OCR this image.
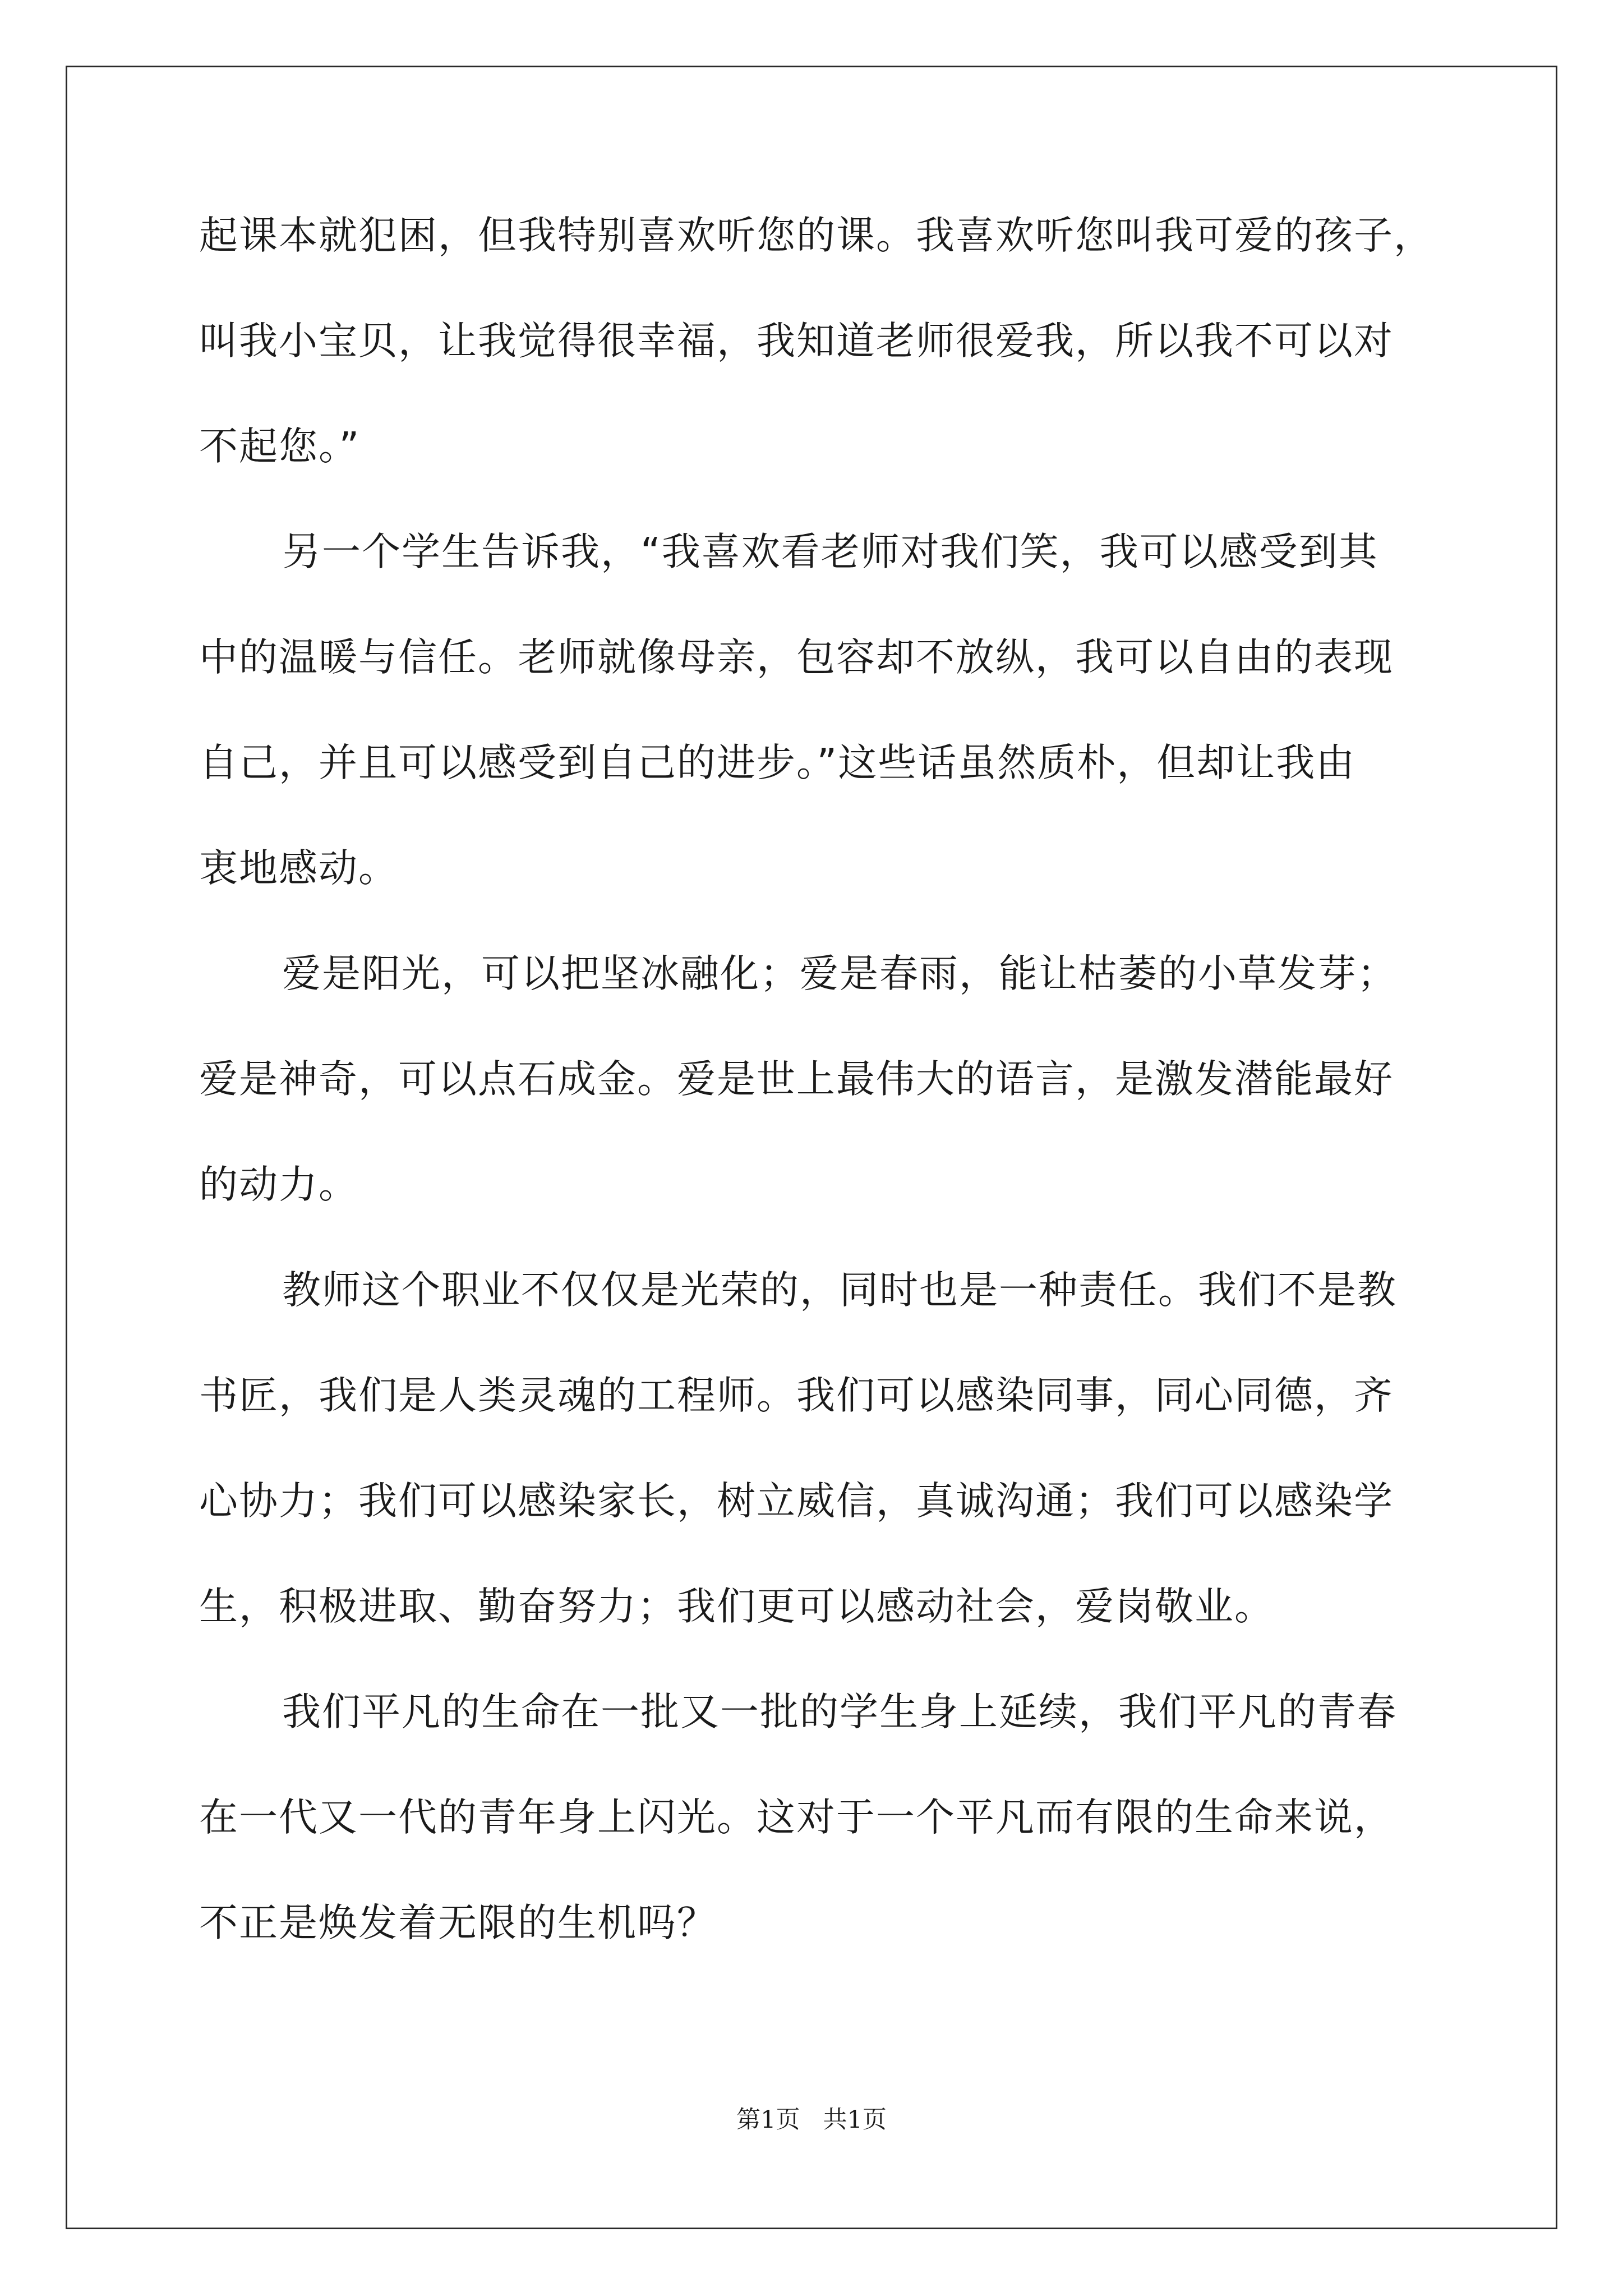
起课本就犯困，但我特别喜欢听您的课。我喜欢听您叫我可爱的孩子，
叫我小宝贝，让我觉得很幸福，我知道老师很爱我，所以我不可以对
不起您。”
另一个学生告诉我，“我喜欢看老师对我们笑，我可以感受到其
中的温暖与信任。老师就像母亲，包容却不放纵，我可以自由的表现
自己，并且可以感受到自己的进步。”这些话虽然质朴，但却让我由
衷地感动。
爱是阳光，可以把坚冰融化；爱是春雨，能让枯萎的小草发芽；
爱是神奇，可以点石成金。爱是世上最伟大的语言，是激发潜能最好
的动力。
教师这个职业不仅仅是光荣的，同时也是一种责任。我们不是教
书匠，我们是人类灵魂的工程师。我们可以感染同事，同心同德，齐
心协力；我们可以感染家长，树立威信，真诚沟通；我们可以感染学
生，积极进取、勤奋努力；我们更可以感动社会，爱岗敬业。
我们平凡的生命在一批又一批的学生身上延续，我们平凡的青春
在一代又一代的青年身上闪光。这对于一个平凡而有限的生命来说，
不正是焕发着无限的生机吗？
第1页   共1页
